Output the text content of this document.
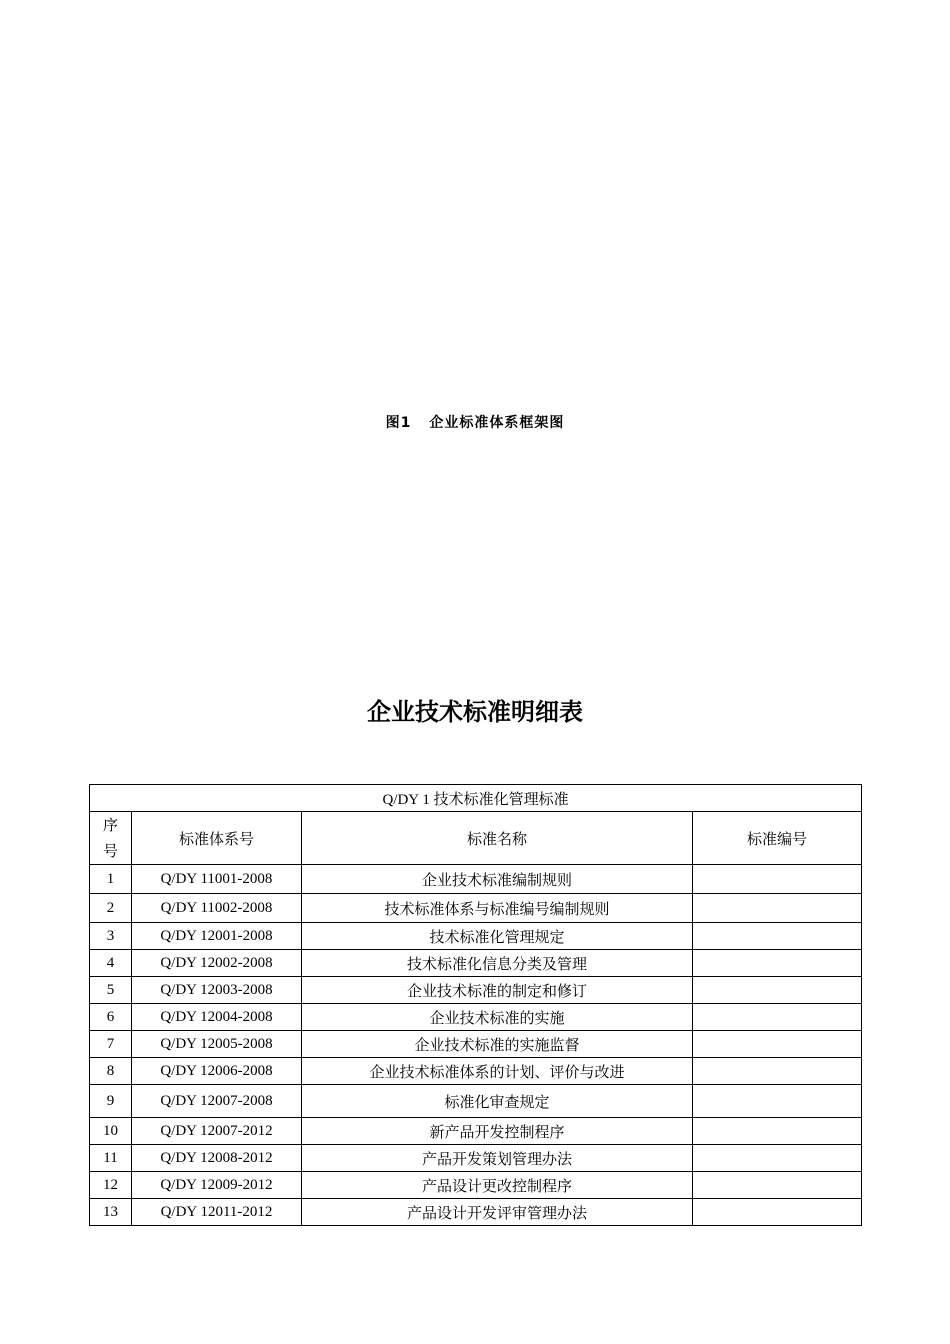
图1 企业标准体系框架图
企业技术标准明细表
Q/DY 1 技术标准化管理标准			
序号	标准体系号	标准名称	标准编号
1	Q/DY 11001-2008	企业技术标准编制规则	
2	Q/DY 11002-2008	技术标准体系与标准编号编制规则	
3	Q/DY 12001-2008	技术标准化管理规定	
4	Q/DY 12002-2008	技术标准化信息分类及管理	
5	Q/DY 12003-2008	企业技术标准的制定和修订	
6	Q/DY 12004-2008	企业技术标准的实施	
7	Q/DY 12005-2008	企业技术标准的实施监督	
8	Q/DY 12006-2008	企业技术标准体系的计划、评价与改进	
9	Q/DY 12007-2008	标准化审查规定	
10	Q/DY 12007-2012	新产品开发控制程序	
11	Q/DY 12008-2012	产品开发策划管理办法	
12	Q/DY 12009-2012	产品设计更改控制程序	
13	Q/DY 12011-2012	产品设计开发评审管理办法	
